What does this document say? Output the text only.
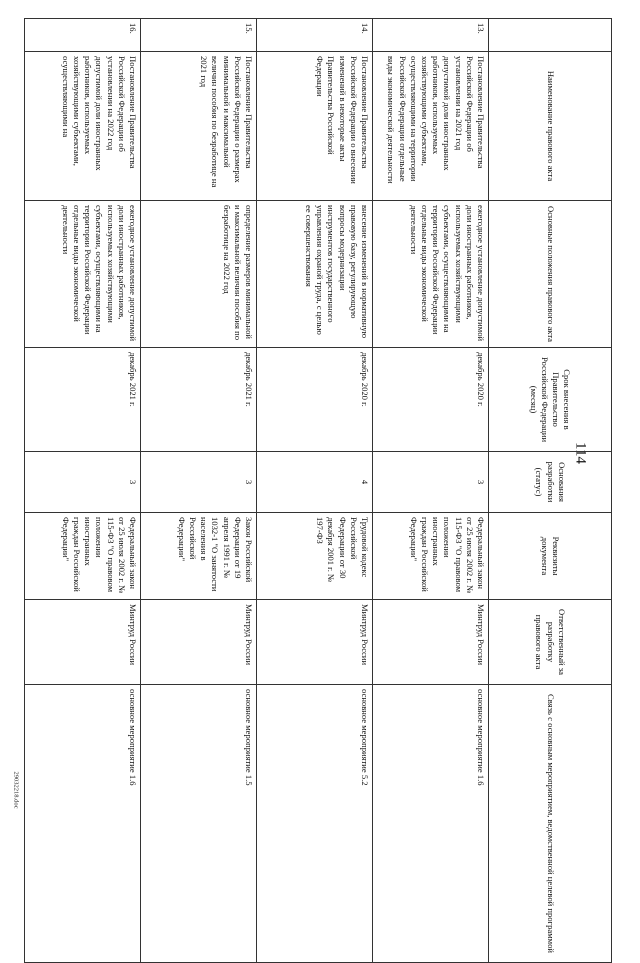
114
	Наименование правового акта	Основные положения правового акта	Срок внесения в Правительство Российской Федерации (месяц)	Основания разработки (статус)	Реквизиты документа	Ответственный за разработку правового акта	Связь с основным мероприятием, ведомственной целевой программой
13.	Постановление Правительства Российской Федерации об установлении на 2021 год допустимой доли иностранных работников, используемых хозяйствующими субъектами, осуществляющими на территории Российской Федерации отдельные виды экономической деятельности	ежегодное установление допустимой доли иностранных работников, используемых хозяйствующими субъектами, осуществляющими на территории Российской Федерации отдельные виды экономической деятельности	декабрь 2020 г.	3	Федеральный закон от 25 июля 2002 г. № 115-ФЗ "О правовом положении иностранных граждан Российской Федерации"	Минтруд России	основное мероприятие 1.6
14.	Постановление Правительства Российской Федерации о внесении изменений в некоторые акты Правительства Российской Федерации	внесение изменений в нормативную правовую базу, регулирующую вопросы модернизации инструментов государственного управления охраной труда, с целью ее совершенствования	декабрь 2020 г.	4	Трудовой кодекс Российской Федерации от 30 декабря 2001 г. № 197-ФЗ	Минтруд России	основное мероприятие 5.2
15.	Постановление Правительства Российской Федерации о размерах минимальной и максимальной величин пособия по безработице на 2021 год	определение размеров минимальной и максимальной величин пособия по безработице на 2022 год	декабрь 2021 г.	3	Закон Российской Федерации от 19 апреля 1991 г. № 1032-1 "О занятости населения в Российской Федерации"	Минтруд России	основное мероприятие 1.5
16.	Постановление Правительства Российской Федерации об установлении на 2022 год допустимой доли иностранных работников, используемых хозяйствующими субъектами, осуществляющими на	ежегодное установление допустимой доли иностранных работников, используемых хозяйствующими субъектами, осуществляющими на территории Российской Федерации отдельные виды экономической деятельности	декабрь 2021 г.	3	Федеральный закон от 25 июля 2002 г. № 115-ФЗ "О правовом положении иностранных граждан Российской Федерации"	Минтруд России	основное мероприятие 1.6
29032218.doc
